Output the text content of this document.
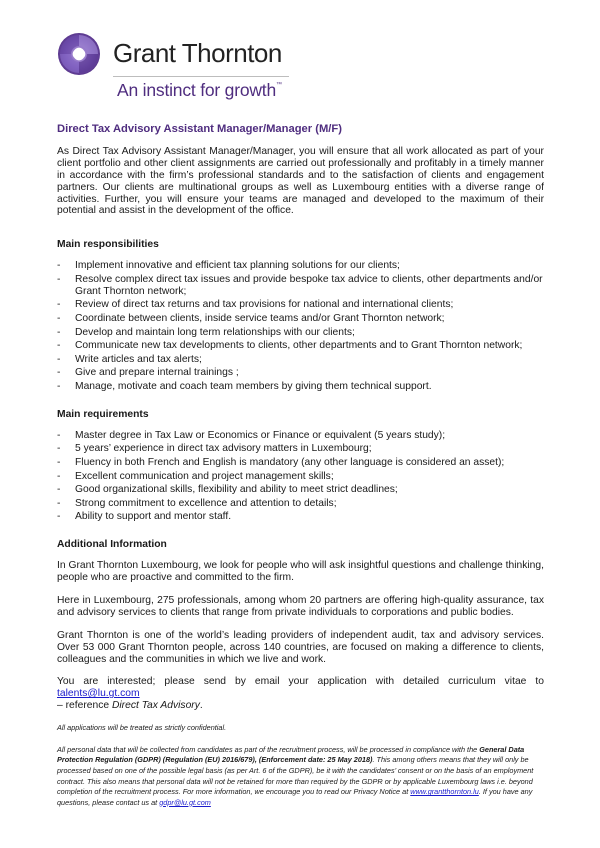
Grant Thornton
An instinct for growth™
Direct Tax Advisory Assistant Manager/Manager (M/F)

As Direct Tax Advisory Assistant Manager/Manager, you will ensure that all work allocated as part of your client portfolio and other client assignments are carried out professionally and profitably in a timely manner in accordance with the firm’s professional standards and to the satisfaction of clients and engagement partners. Our clients are multinational groups as well as Luxembourg entities with a diverse range of activities. Further, you will ensure your teams are managed and developed to the maximum of their potential and assist in the development of the office.

Main responsibilities
- Implement innovative and efficient tax planning solutions for our clients;
- Resolve complex direct tax issues and provide bespoke tax advice to clients, other departments and/or Grant Thornton network;
- Review of direct tax returns and tax provisions for national and international clients;
- Coordinate between clients, inside service teams and/or Grant Thornton network;
- Develop and maintain long term relationships with our clients;
- Communicate new tax developments to clients, other departments and to Grant Thornton network;
- Write articles and tax alerts;
- Give and prepare internal trainings ;
- Manage, motivate and coach team members by giving them technical support.
Main requirements
- Master degree in Tax Law or Economics or Finance or equivalent (5 years study);
- 5 years’ experience in direct tax advisory matters in Luxembourg;
- Fluency in both French and English is mandatory (any other language is considered an asset);
- Excellent communication and project management skills;
- Good organizational skills, flexibility and ability to meet strict deadlines;
- Strong commitment to excellence and attention to details;
- Ability to support and mentor staff.
Additional Information

In Grant Thornton Luxembourg, we look for people who will ask insightful questions and challenge thinking, people who are proactive and committed to the firm.

Here in Luxembourg, 275 professionals, among whom 20 partners are offering high-quality assurance, tax and advisory services to clients that range from private individuals to corporations and public bodies.

Grant Thornton is one of the world’s leading providers of independent audit, tax and advisory services. Over 53 000 Grant Thornton people, across 140 countries, are focused on making a difference to clients, colleagues and the communities in which we live and work.

You are interested; please send by email your application with detailed curriculum vitae to talents@lu.gt.com
– reference Direct Tax Advisory.

All applications will be treated as strictly confidential.

All personal data that will be collected from candidates as part of the recruitment process, will be processed in compliance with the General Data Protection Regulation (GDPR) (Regulation (EU) 2016/679), (Enforcement date: 25 May 2018). This among others means that they will only be processed based on one of the possible legal basis (as per Art. 6 of the GDPR), be it with the candidates’ consent or on the basis of an employment contract. This also means that personal data will not be retained for more than required by the GDPR or by applicable Luxembourg laws i.e. beyond completion of the recruitment process. For more information, we encourage you to read our Privacy Notice at www.grantthornton.lu. If you have any questions, please contact us at gdpr@lu.gt.com
